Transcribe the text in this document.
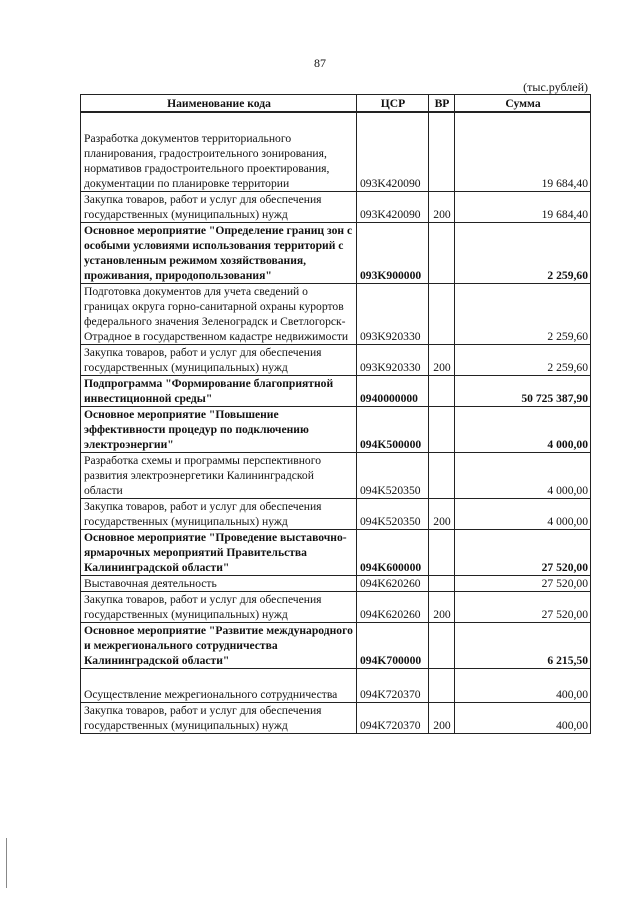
87
(тыс.рублей)
Наименование кода	ЦСР	ВР	Сумма
Разработка документов территориального планирования, градостроительного зонирования, нормативов градостроительного проектирования, документации по планировке территории	093K420090		19 684,40
Закупка товаров, работ и услуг для обеспечения государственных (муниципальных) нужд	093K420090	200	19 684,40
Основное мероприятие "Определение границ зон с особыми условиями использования территорий с установленным режимом хозяйствования, проживания, природопользования"	093K900000		2 259,60
Подготовка документов для учета сведений о границах округа горно-санитарной охраны курортов федерального значения Зеленоградск и Светлогорск-Отрадное в государственном кадастре недвижимости	093K920330		2 259,60
Закупка товаров, работ и услуг для обеспечения государственных (муниципальных) нужд	093K920330	200	2 259,60
Подпрограмма "Формирование благоприятной инвестиционной среды"	0940000000		50 725 387,90
Основное мероприятие "Повышение эффективности процедур по подключению электроэнергии"	094K500000		4 000,00
Разработка схемы и программы перспективного развития электроэнергетики Калининградской области	094K520350		4 000,00
Закупка товаров, работ и услуг для обеспечения государственных (муниципальных) нужд	094K520350	200	4 000,00
Основное мероприятие "Проведение выставочно-ярмарочных мероприятий Правительства Калининградской области"	094K600000		27 520,00
Выставочная деятельность	094K620260		27 520,00
Закупка товаров, работ и услуг для обеспечения государственных (муниципальных) нужд	094K620260	200	27 520,00
Основное мероприятие "Развитие международного и межрегионального сотрудничества Калининградской области"	094K700000		6 215,50
Осуществление межрегионального сотрудничества	094K720370		400,00
Закупка товаров, работ и услуг для обеспечения государственных (муниципальных) нужд	094K720370	200	400,00
